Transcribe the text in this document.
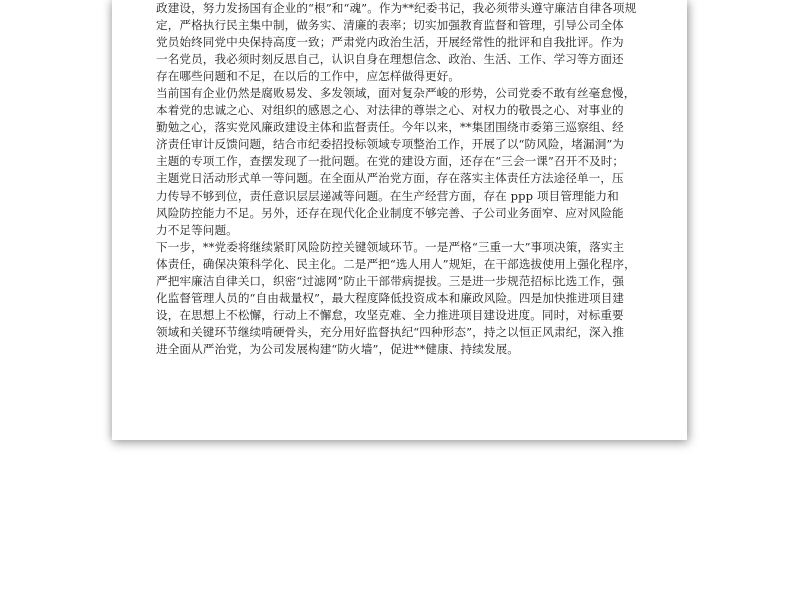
政建设，努力发扬国有企业的“根”和“魂”。作为**纪委书记，我必须带头遵守廉洁自律各项规
定，严格执行民主集中制，做务实、清廉的表率；切实加强教育监督和管理，引导公司全体
党员始终同党中央保持高度一致；严肃党内政治生活，开展经常性的批评和自我批评。作为
一名党员，我必须时刻反思自己，认识自身在理想信念、政治、生活、工作、学习等方面还
存在哪些问题和不足，在以后的工作中，应怎样做得更好。

当前国有企业仍然是腐败易发、多发领域，面对复杂严峻的形势，公司党委不敢有丝毫怠慢，
本着党的忠诚之心、对组织的感恩之心、对法律的尊崇之心、对权力的敬畏之心、对事业的
勤勉之心，落实党风廉政建设主体和监督责任。今年以来，**集团围绕市委第三巡察组、经
济责任审计反馈问题，结合市纪委招投标领域专项整治工作，开展了以“防风险，堵漏洞”为
主题的专项工作，查摆发现了一批问题。在党的建设方面，还存在“三会一课”召开不及时；
主题党日活动形式单一等问题。在全面从严治党方面，存在落实主体责任方法途径单一，压
力传导不够到位，责任意识层层递减等问题。在生产经营方面，存在 ppp 项目管理能力和
风险防控能力不足。另外，还存在现代化企业制度不够完善、子公司业务面窄、应对风险能
力不足等问题。

下一步，**党委将继续紧盯风险防控关键领域环节。一是严格“三重一大”事项决策，落实主
体责任，确保决策科学化、民主化。二是严把“选人用人”规矩，在干部选拔使用上强化程序，
严把牢廉洁自律关口，织密“过滤网”防止干部带病提拔。三是进一步规范招标比选工作，强
化监督管理人员的“自由裁量权”，最大程度降低投资成本和廉政风险。四是加快推进项目建
设，在思想上不松懈，行动上不懈怠，攻坚克难、全力推进项目建设进度。同时，对标重要
领域和关键环节继续啃硬骨头，充分用好监督执纪“四种形态”，持之以恒正风肃纪，深入推
进全面从严治党，为公司发展构建“防火墙”，促进**健康、持续发展。
